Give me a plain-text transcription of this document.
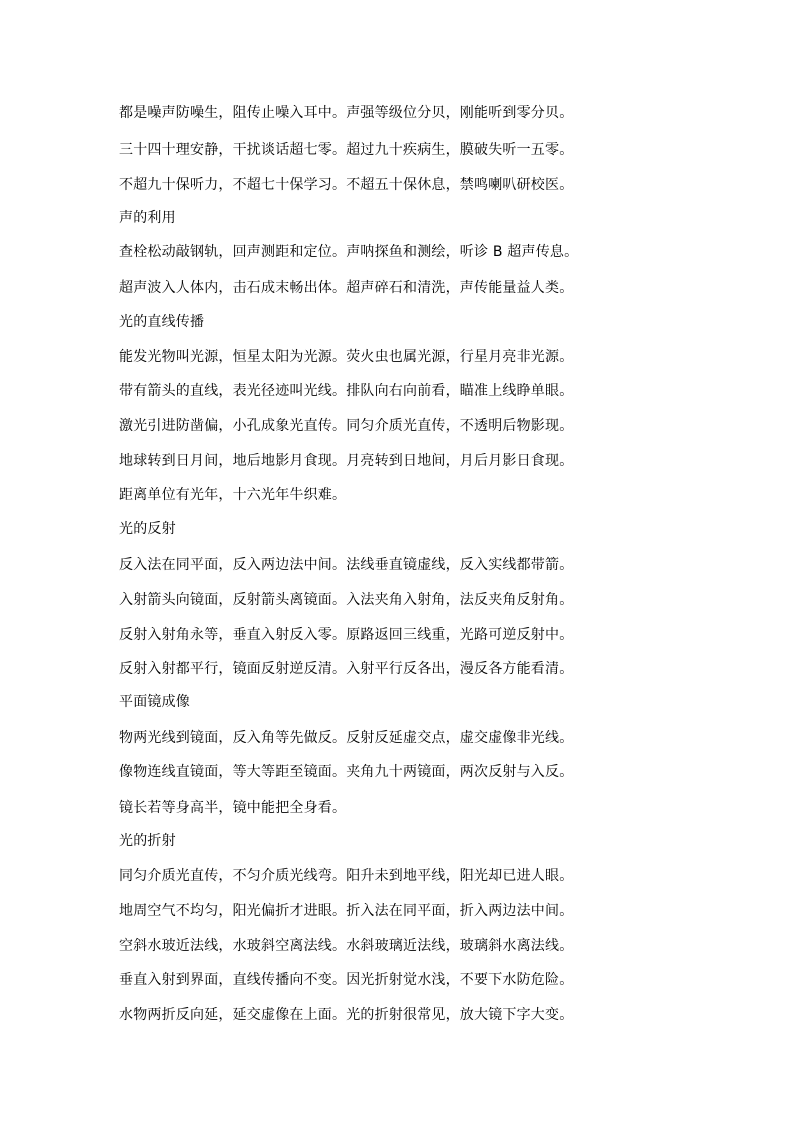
都是噪声防噪生，阻传止噪入耳中。声强等级位分贝，刚能听到零分贝。
三十四十理安静，干扰谈话超七零。超过九十疾病生，膜破失听一五零。
不超九十保听力，不超七十保学习。不超五十保休息，禁鸣喇叭研校医。
声的利用
查栓松动敲钢轨，回声测距和定位。声呐探鱼和测绘，听诊 B 超声传息。
超声波入人体内，击石成末畅出体。超声碎石和清洗，声传能量益人类。
光的直线传播
能发光物叫光源，恒星太阳为光源。荧火虫也属光源，行星月亮非光源。
带有箭头的直线，表光径迹叫光线。排队向右向前看，瞄准上线睁单眼。
激光引进防凿偏，小孔成象光直传。同匀介质光直传，不透明后物影现。
地球转到日月间，地后地影月食现。月亮转到日地间，月后月影日食现。
距离单位有光年，十六光年牛织难。
光的反射
反入法在同平面，反入两边法中间。法线垂直镜虚线，反入实线都带箭。
入射箭头向镜面，反射箭头离镜面。入法夹角入射角，法反夹角反射角。
反射入射角永等，垂直入射反入零。原路返回三线重，光路可逆反射中。
反射入射都平行，镜面反射逆反清。入射平行反各出，漫反各方能看清。
平面镜成像
物两光线到镜面，反入角等先做反。反射反延虚交点，虚交虚像非光线。
像物连线直镜面，等大等距至镜面。夹角九十两镜面，两次反射与入反。
镜长若等身高半，镜中能把全身看。
光的折射
同匀介质光直传，不匀介质光线弯。阳升未到地平线，阳光却已进人眼。
地周空气不均匀，阳光偏折才进眼。折入法在同平面，折入两边法中间。
空斜水玻近法线，水玻斜空离法线。水斜玻璃近法线，玻璃斜水离法线。
垂直入射到界面，直线传播向不变。因光折射觉水浅，不要下水防危险。
水物两折反向延，延交虚像在上面。光的折射很常见，放大镜下字大变。
